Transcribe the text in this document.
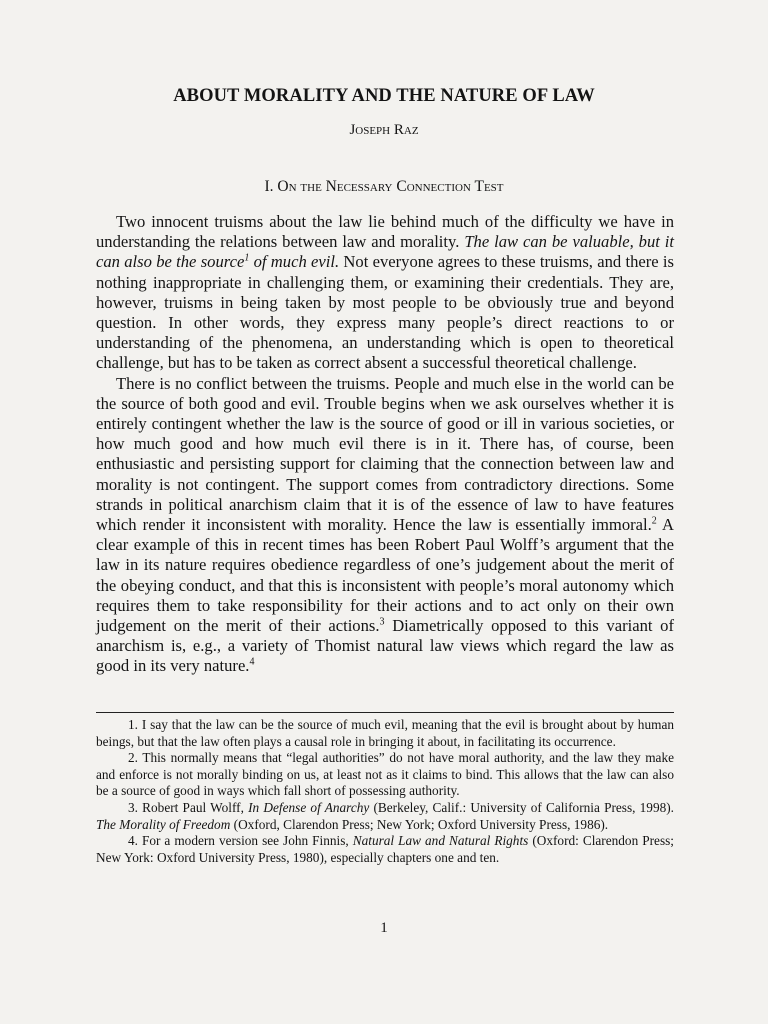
ABOUT MORALITY AND THE NATURE OF LAW
Joseph Raz
I. On the Necessary Connection Test

Two innocent truisms about the law lie behind much of the difficulty we have in understanding the relations between law and morality. The law can be valuable, but it can also be the source$^1$ of much evil. Not everyone agrees to these truisms, and there is nothing inappropriate in challenging them, or examining their credentials. They are, however, truisms in being taken by most people to be obviously true and beyond question. In other words, they express many people’s direct reactions to or understanding of the phenomena, an understanding which is open to theoretical challenge, but has to be taken as correct absent a successful theoretical challenge.

There is no conflict between the truisms. People and much else in the world can be the source of both good and evil. Trouble begins when we ask ourselves whether it is entirely contingent whether the law is the source of good or ill in various societies, or how much good and how much evil there is in it. There has, of course, been enthusiastic and persisting support for claiming that the connection between law and morality is not contingent. The support comes from contradictory directions. Some strands in political anarchism claim that it is of the essence of law to have features which render it inconsistent with morality. Hence the law is essentially immoral.$^2$ A clear example of this in recent times has been Robert Paul Wolff’s argument that the law in its nature requires obedience regardless of one’s judgement about the merit of the obeying conduct, and that this is inconsistent with people’s moral autonomy which requires them to take responsibility for their actions and to act only on their own judgement on the merit of their actions.$^3$ Diametrically opposed to this variant of anarchism is, e.g., a variety of Thomist natural law views which regard the law as good in its very nature.$^4$

1. I say that the law can be the source of much evil, meaning that the evil is brought about by human beings, but that the law often plays a causal role in bringing it about, in facilitating its occurrence.

2. This normally means that “legal authorities” do not have moral authority, and the law they make and enforce is not morally binding on us, at least not as it claims to bind. This allows that the law can also be a source of good in ways which fall short of possessing authority.

3. Robert Paul Wolff, In Defense of Anarchy (Berkeley, Calif.: University of California Press, 1998). The Morality of Freedom (Oxford, Clarendon Press; New York; Oxford University Press, 1986).

4. For a modern version see John Finnis, Natural Law and Natural Rights (Oxford: Clarendon Press; New York: Oxford University Press, 1980), especially chapters one and ten.

1
